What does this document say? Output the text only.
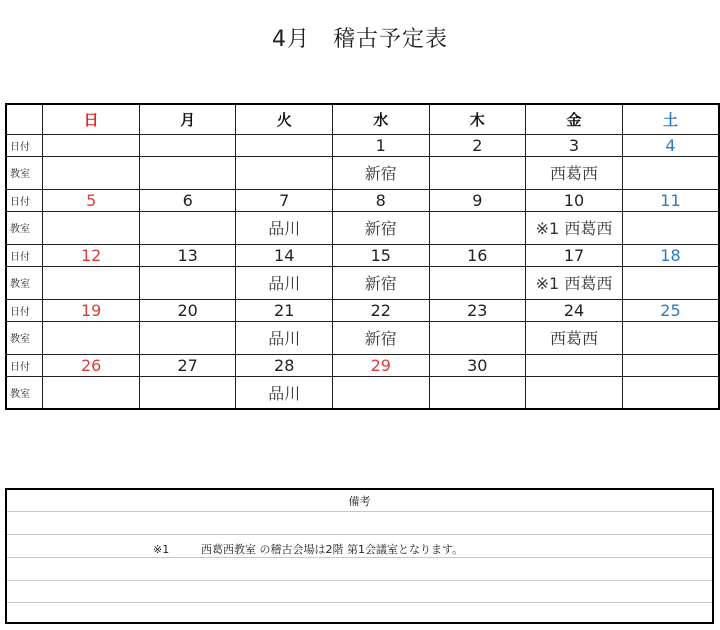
4月　稽古予定表
	日	月	火	水	木	金	土
日付				1	2	3	4
教室				新宿		西葛西	
日付	5	6	7	8	9	10	11
教室			品川	新宿		※1 西葛西	
日付	12	13	14	15	16	17	18
教室			品川	新宿		※1 西葛西	
日付	19	20	21	22	23	24	25
教室			品川	新宿		西葛西	
日付	26	27	28	29	30		
教室			品川				
備考
※1	西葛西教室 の稽古会場は2階 第1会議室となります。
